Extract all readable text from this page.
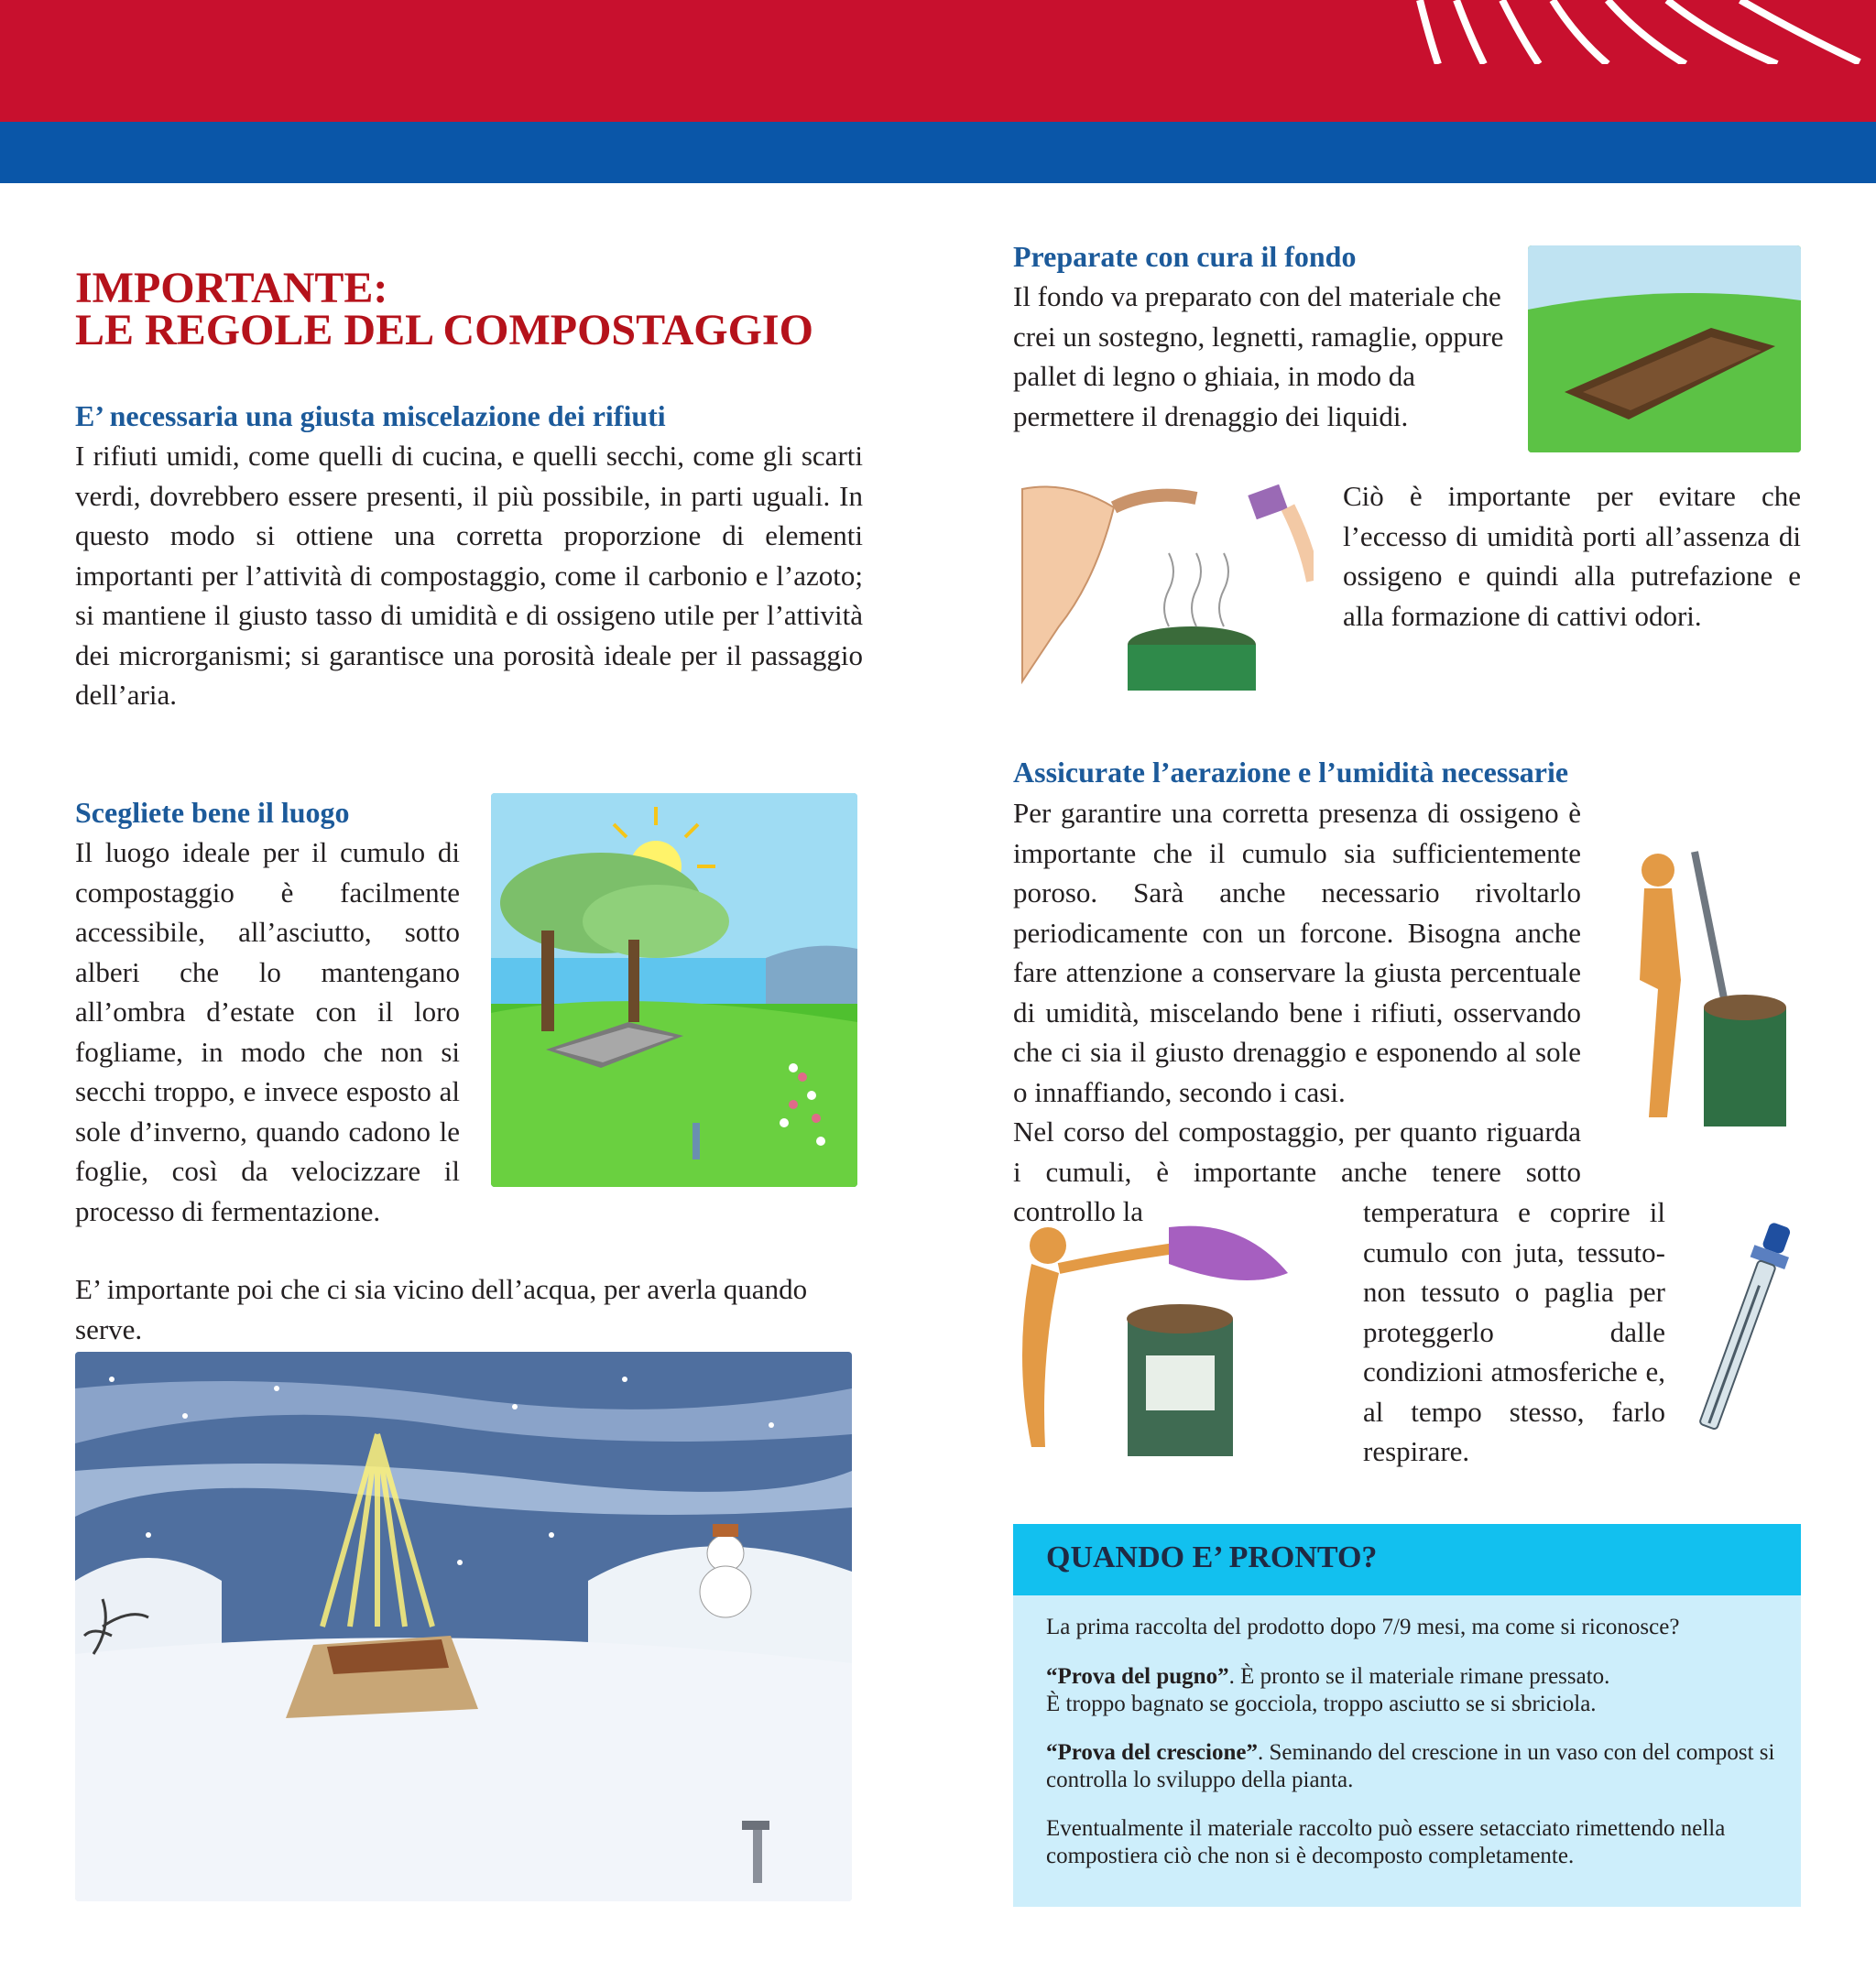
IMPORTANTE:
LE REGOLE DEL COMPOSTAGGIO
E’ necessaria una giusta miscelazione dei rifiuti

I rifiuti umidi, come quelli di cucina, e quelli secchi, come gli scarti verdi, dovrebbero essere presenti, il più possibile, in parti uguali. In questo modo si ottiene una corretta proporzione di elementi importanti per l’attività di compostaggio, come il carbonio e l’azoto; si mantiene il giusto tasso di umidità e di ossigeno utile per l’attività dei microrganismi; si garantisce una porosità ideale per il passaggio dell’aria.

Scegliete bene il luogo

Il luogo ideale per il cumulo di compostaggio è facilmente accessibile, all’asciutto, sotto alberi che lo mantengano all’ombra d’estate con il loro fogliame, in modo che non si secchi troppo, e invece esposto al sole d’inverno, quando cadono le foglie, così da velocizzare il processo di fermentazione.

E’ importante poi che ci sia vicino dell’acqua, per averla quando serve.

Preparate con cura il fondo

Il fondo va preparato con del materiale che crei un sostegno, legnetti, ramaglie, oppure pallet di legno o ghiaia, in modo da permettere il drenaggio dei liquidi.

Ciò è importante per evitare che l’eccesso di umidità porti all’assenza di ossigeno e quindi alla putrefazione e alla formazione di cattivi odori.

Assicurate l’aerazione e l’umidità necessarie

Per garantire una corretta presenza di ossigeno è importante che il cumulo sia sufficientemente poroso. Sarà anche necessario rivoltarlo periodicamente con un forcone. Bisogna anche fare attenzione a conservare la giusta percentuale di umidità, miscelando bene i rifiuti, osservando che ci sia il giusto drenaggio e esponendo al sole o innaffiando, secondo i casi.

Nel corso del compostaggio, per quanto riguarda i cumuli, è importante anche tenere sotto controllo la	temperatura e coprire il cumulo con juta, tessuto-non tessuto o paglia per proteggerlo dalle condizioni atmosferiche e, al tempo stesso, farlo respirare.

QUANDO E’ PRONTO?

La prima raccolta del prodotto dopo 7/9 mesi, ma come si riconosce?

“Prova del pugno”. È pronto se il materiale rimane pressato.
È troppo bagnato se gocciola, troppo asciutto se si sbriciola.

“Prova del crescione”. Seminando del crescione in un vaso con del compost si controlla lo sviluppo della pianta.

Eventualmente il materiale raccolto può essere setacciato rimettendo nella compostiera ciò che non si è decomposto completamente.
